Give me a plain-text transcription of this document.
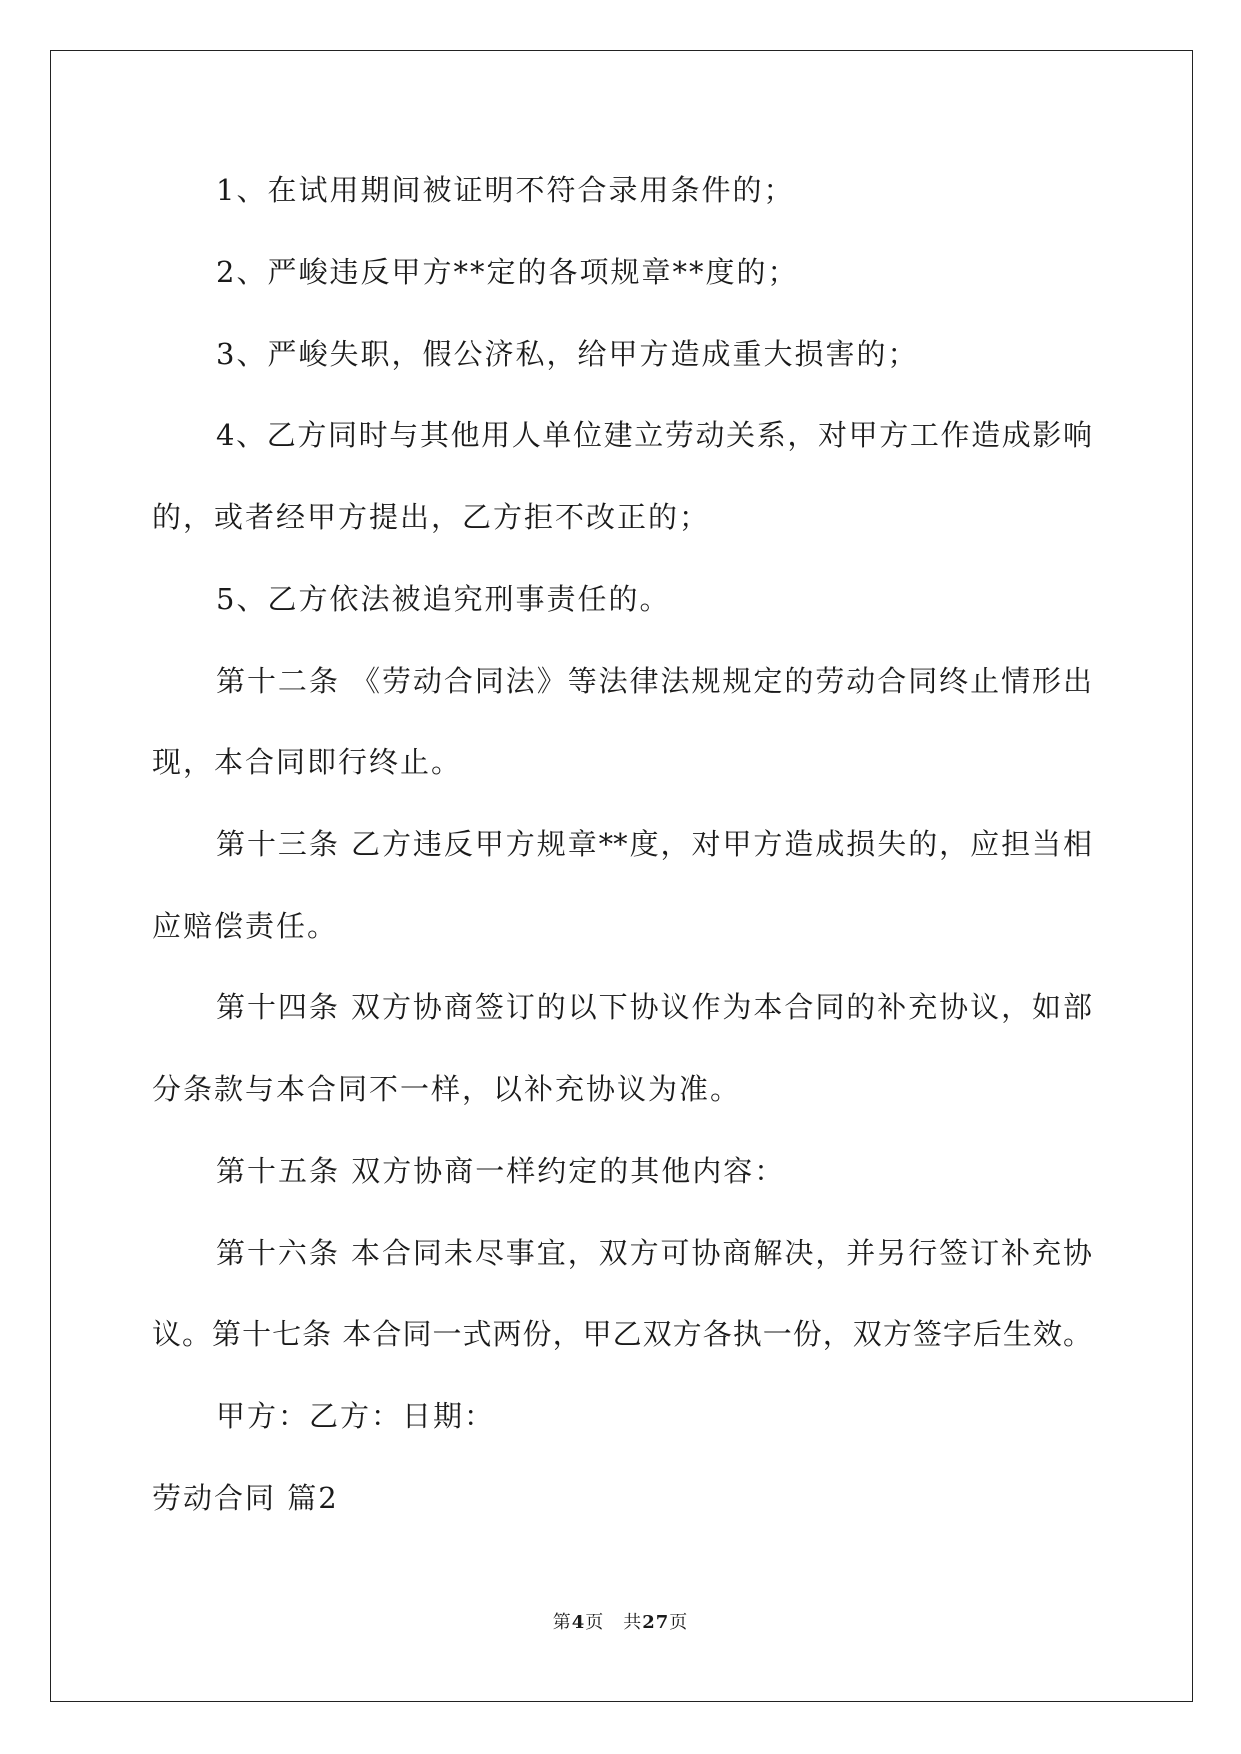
1、在试用期间被证明不符合录用条件的；
2、严峻违反甲方**定的各项规章**度的；
3、严峻失职，假公济私，给甲方造成重大损害的；
4、乙方同时与其他用人单位建立劳动关系，对甲方工作造成影响
的，或者经甲方提出，乙方拒不改正的；
5、乙方依法被追究刑事责任的。
第十二条 《劳动合同法》等法律法规规定的劳动合同终止情形出
现，本合同即行终止。
第十三条 乙方违反甲方规章**度，对甲方造成损失的，应担当相
应赔偿责任。
第十四条 双方协商签订的以下协议作为本合同的补充协议，如部
分条款与本合同不一样，以补充协议为准。
第十五条 双方协商一样约定的其他内容：
第十六条 本合同未尽事宜，双方可协商解决，并另行签订补充协
议。第十七条 本合同一式两份，甲乙双方各执一份，双方签字后生效。
甲方：乙方：日期：
劳动合同 篇2
第4页　共27页
